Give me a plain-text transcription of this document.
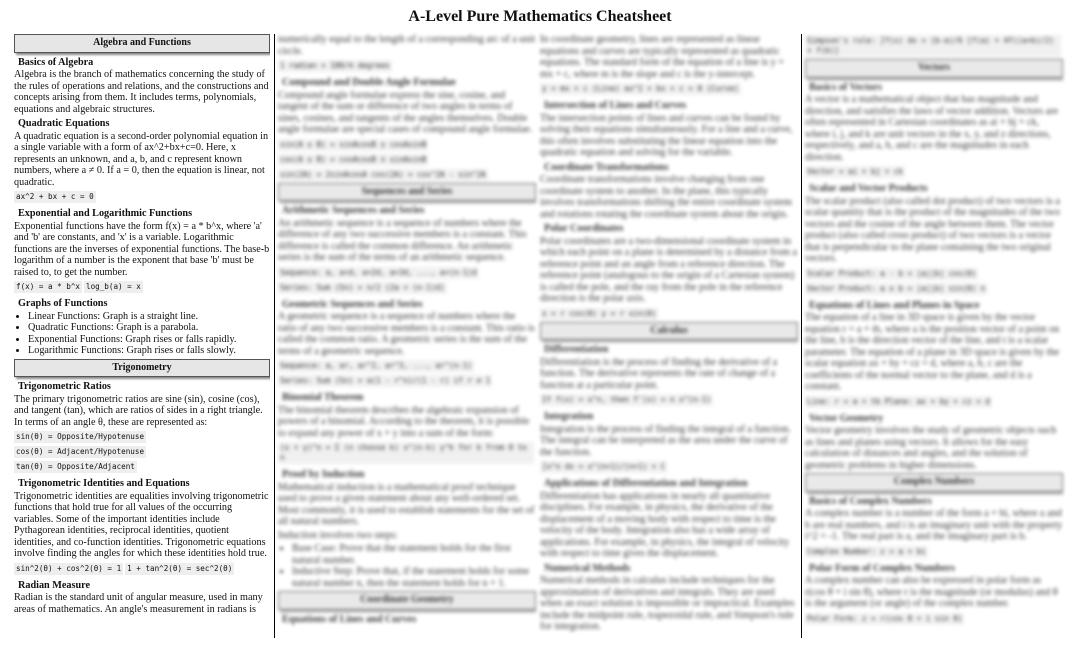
A-Level Pure Mathematics Cheatsheet
Algebra and Functions
Basics of Algebra

Algebra is the branch of mathematics concerning the study of the rules of operations and relations, and the constructions and concepts arising from them. It includes terms, polynomials, equations and algebraic structures.

Quadratic Equations

A quadratic equation is a second-order polynomial equation in a single variable with a form of ax^2+bx+c=0. Here, x represents an unknown, and a, b, and c represent known numbers, where a ≠ 0. If a = 0, then the equation is linear, not quadratic.

ax^2 + bx + c = 0
Exponential and Logarithmic Functions

Exponential functions have the form f(x) = a * b^x, where 'a' and 'b' are constants, and 'x' is a variable. Logarithmic functions are the inverses of exponential functions. The base-b logarithm of a number is the exponent that base 'b' must be raised to, to get the number.

f(x) = a * b^x log_b(a) = x
Graphs of Functions
• Linear Functions: Graph is a straight line.
• Quadratic Functions: Graph is a parabola.
• Exponential Functions: Graph rises or falls rapidly.
• Logarithmic Functions: Graph rises or falls slowly.
Trigonometry
Trigonometric Ratios

The primary trigonometric ratios are sine (sin), cosine (cos), and tangent (tan), which are ratios of sides in a right triangle. In terms of an angle θ, these are represented as:

sin(θ) = Opposite/Hypotenuse
cos(θ) = Adjacent/Hypotenuse
tan(θ) = Opposite/Adjacent
Trigonometric Identities and Equations

Trigonometric identities are equalities involving trigonometric functions that hold true for all values of the occurring variables. Some of the important identities include Pythagorean identities, reciprocal identities, quotient identities, and co-function identities. Trigonometric equations involve finding the angles for which these identities hold true.

sin^2(θ) + cos^2(θ) = 1 1 + tan^2(θ) = sec^2(θ)
Radian Measure

Radian is the standard unit of angular measure, used in many areas of mathematics. An angle's measurement in radians is

numerically equal to the length of a corresponding arc of a unit circle.

1 radian = 180/π degrees
Compound and Double Angle Formulae

Compound angle formulae express the sine, cosine, and tangent of the sum or difference of two angles in terms of sines, cosines, and tangents of the angles themselves. Double angle formulae are special cases of compound angle formulae.

sin(A ± B) = sinAcosB ± cosAsinB
cos(A ± B) = cosAcosB ∓ sinAsinB
sin(2A) = 2sinAcosA cos(2A) = cos^2A - sin^2A
Sequences and Series
Arithmetic Sequences and Series

An arithmetic sequence is a sequence of numbers where the difference of any two successive members is a constant. This difference is called the common difference. An arithmetic series is the sum of the terms of an arithmetic sequence.

Sequence: a, a+d, a+2d, a+3d, ..., a+(n-1)d
Series: Sum (Sn) = n/2 (2a + (n-1)d)
Geometric Sequences and Series

A geometric sequence is a sequence of numbers where the ratio of any two successive members is a constant. This ratio is called the common ratio. A geometric series is the sum of the terms of a geometric sequence.

Sequence: a, ar, ar^2, ar^3, ..., ar^(n-1)
Series: Sum (Sn) = a(1 - r^n)/(1 - r) if r ≠ 1
Binomial Theorem

The binomial theorem describes the algebraic expansion of powers of a binomial. According to the theorem, it is possible to expand any power of x + y into a sum of the form:

(x + y)^n = Σ (n choose k) x^(n-k) y^k for k from 0 to n
Proof by Induction

Mathematical induction is a mathematical proof technique used to prove a given statement about any well-ordered set. Most commonly, it is used to establish statements for the set of all natural numbers.

Induction involves two steps:

• Base Case: Prove that the statement holds for the first natural number.
• Inductive Step: Prove that, if the statement holds for some natural number n, then the statement holds for n + 1.
Coordinate Geometry
Equations of Lines and Curves

In coordinate geometry, lines are represented as linear equations and curves are typically represented as quadratic equations. The standard form of the equation of a line is y = mx + c, where m is the slope and c is the y-intercept.

y = mx + c (Line) ax^2 + bx + c = 0 (Curve)
Intersection of Lines and Curves

The intersection points of lines and curves can be found by solving their equations simultaneously. For a line and a curve, this often involves substituting the linear equation into the quadratic equation and solving for the variable.

Coordinate Transformations

Coordinate transformations involve changing from one coordinate system to another. In the plane, this typically involves transformations shifting the entire coordinate system and rotations rotating the coordinate system about the origin.

Polar Coordinates

Polar coordinates are a two-dimensional coordinate system in which each point on a plane is determined by a distance from a reference point and an angle from a reference direction. The reference point (analogous to the origin of a Cartesian system) is called the pole, and the ray from the pole in the reference direction is the polar axis.

x = r cos(θ) y = r sin(θ)
Calculus
Differentiation

Differentiation is the process of finding the derivative of a function. The derivative represents the rate of change of a function at a particular point.

If f(x) = x^n, then f'(x) = n x^(n-1)
Integration

Integration is the process of finding the integral of a function. The integral can be interpreted as the area under the curve of the function.

∫x^n dx = x^(n+1)/(n+1) + C
Applications of Differentiation and Integration

Differentiation has applications in nearly all quantitative disciplines. For example, in physics, the derivative of the displacement of a moving body with respect to time is the velocity of the body. Integration also has a wide array of applications. For example, in physics, the integral of velocity with respect to time gives the displacement.

Numerical Methods

Numerical methods in calculus include techniques for the approximation of derivatives and integrals. They are used when an exact solution is impossible or impractical. Examples include the midpoint rule, trapezoidal rule, and Simpson's rule for integration.

Simpson's rule: ∫f(x) dx ≈ (b-a)/6 [f(a) + 4f((a+b)/2) + f(b)]
Vectors
Basics of Vectors

A vector is a mathematical object that has magnitude and direction, and satisfies the laws of vector addition. Vectors are often represented in Cartesian coordinates as ai + bj + ck, where i, j, and k are unit vectors in the x, y, and z directions, respectively, and a, b, and c are the magnitudes in each direction.

Vector = ai + bj + ck
Scalar and Vector Products

The scalar product (also called dot product) of two vectors is a scalar quantity that is the product of the magnitudes of the two vectors and the cosine of the angle between them. The vector product (also called cross product) of two vectors is a vector that is perpendicular to the plane containing the two original vectors.

Scalar Product: a · b = |a||b| cos(θ)
Vector Product: a x b = |a||b| sin(θ) n
Equations of Lines and Planes in Space

The equation of a line in 3D space is given by the vector equation r = a + tb, where a is the position vector of a point on the line, b is the direction vector of the line, and t is a scalar parameter. The equation of a plane in 3D space is given by the scalar equation ax + by + cz = d, where a, b, c are the coefficients of the normal vector to the plane, and d is a constant.

Line: r = a + tb Plane: ax + by + cz = d
Vector Geometry

Vector geometry involves the study of geometric objects such as lines and planes using vectors. It allows for the easy calculation of distances and angles, and the solution of geometric problems in higher dimensions.

Complex Numbers
Basics of Complex Numbers

A complex number is a number of the form a + bi, where a and b are real numbers, and i is an imaginary unit with the property i^2 = -1. The real part is a, and the imaginary part is b.

Complex Number: z = a + bi
Polar Form of Complex Numbers

A complex number can also be expressed in polar form as r(cos θ + i sin θ), where r is the magnitude (or modulus) and θ is the argument (or angle) of the complex number.

Polar Form: z = r(cos θ + i sin θ)
